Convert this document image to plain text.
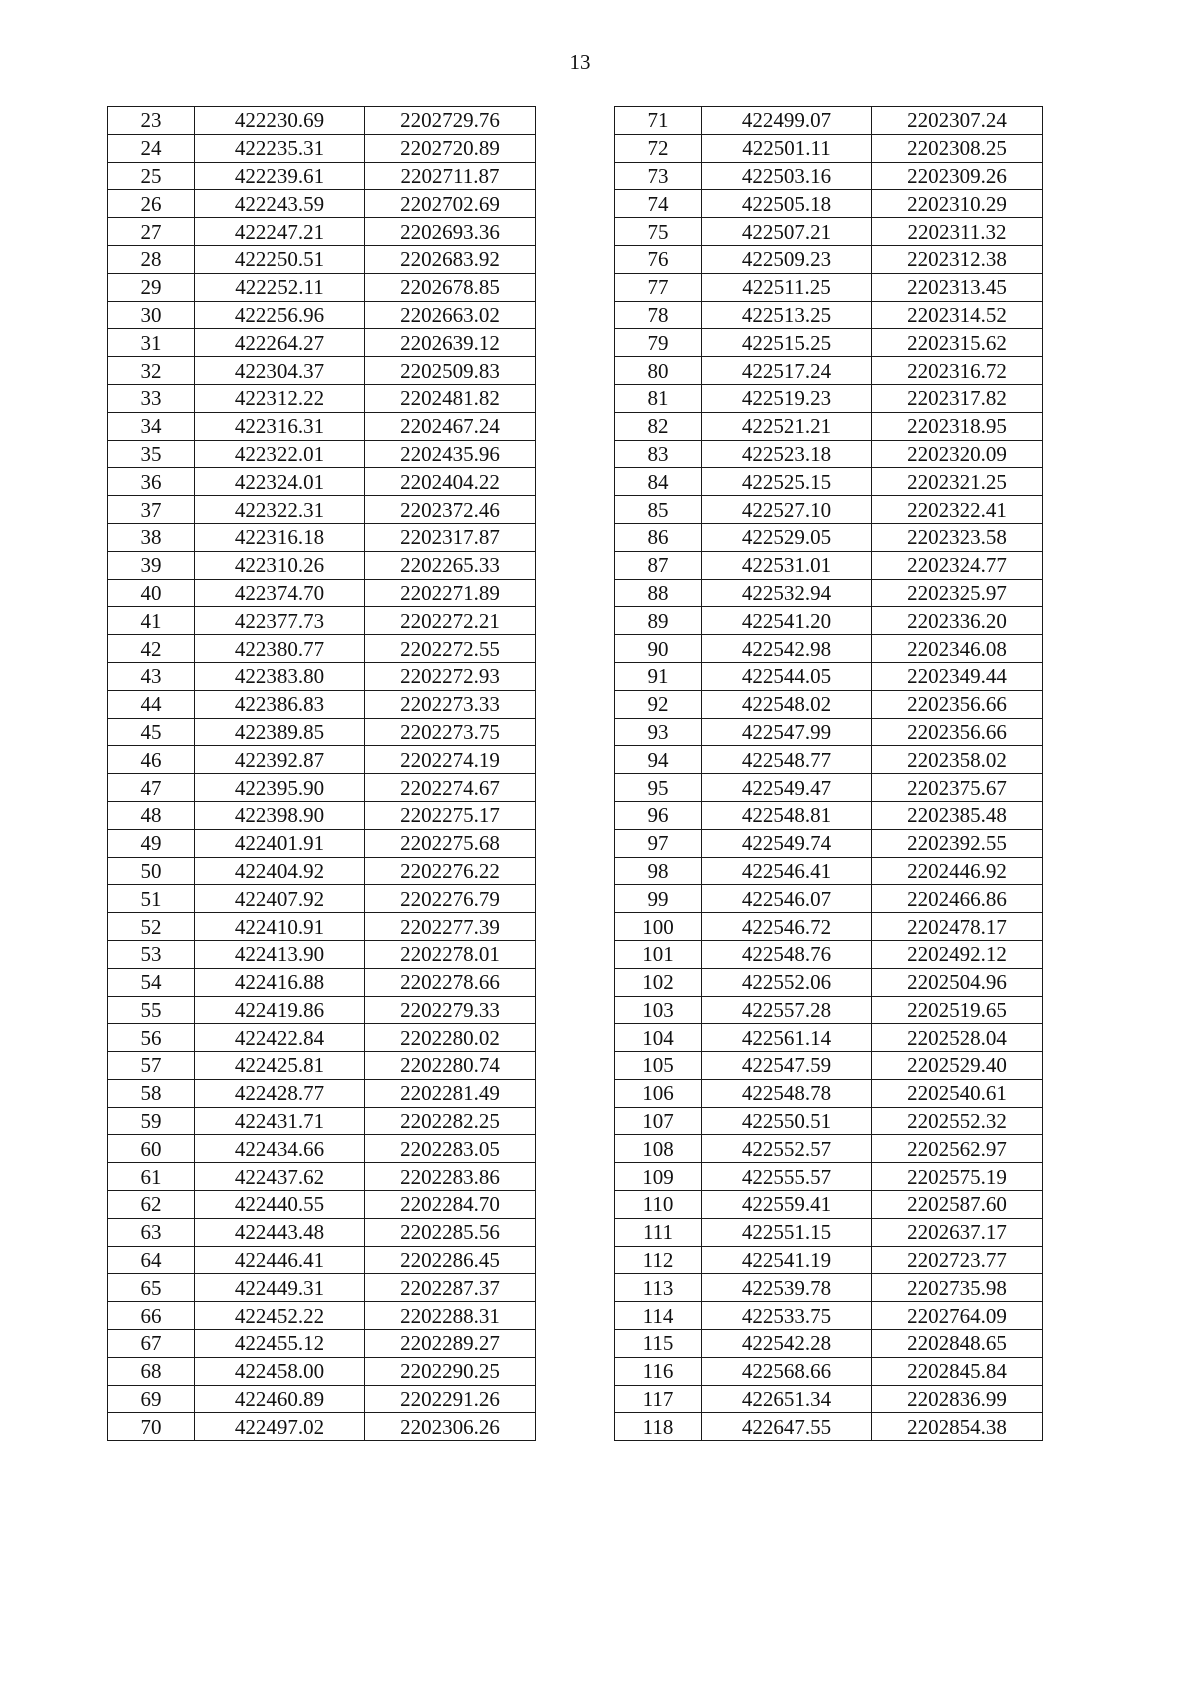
13
23	422230.69	2202729.76
24	422235.31	2202720.89
25	422239.61	2202711.87
26	422243.59	2202702.69
27	422247.21	2202693.36
28	422250.51	2202683.92
29	422252.11	2202678.85
30	422256.96	2202663.02
31	422264.27	2202639.12
32	422304.37	2202509.83
33	422312.22	2202481.82
34	422316.31	2202467.24
35	422322.01	2202435.96
36	422324.01	2202404.22
37	422322.31	2202372.46
38	422316.18	2202317.87
39	422310.26	2202265.33
40	422374.70	2202271.89
41	422377.73	2202272.21
42	422380.77	2202272.55
43	422383.80	2202272.93
44	422386.83	2202273.33
45	422389.85	2202273.75
46	422392.87	2202274.19
47	422395.90	2202274.67
48	422398.90	2202275.17
49	422401.91	2202275.68
50	422404.92	2202276.22
51	422407.92	2202276.79
52	422410.91	2202277.39
53	422413.90	2202278.01
54	422416.88	2202278.66
55	422419.86	2202279.33
56	422422.84	2202280.02
57	422425.81	2202280.74
58	422428.77	2202281.49
59	422431.71	2202282.25
60	422434.66	2202283.05
61	422437.62	2202283.86
62	422440.55	2202284.70
63	422443.48	2202285.56
64	422446.41	2202286.45
65	422449.31	2202287.37
66	422452.22	2202288.31
67	422455.12	2202289.27
68	422458.00	2202290.25
69	422460.89	2202291.26
70	422497.02	2202306.26
71	422499.07	2202307.24
72	422501.11	2202308.25
73	422503.16	2202309.26
74	422505.18	2202310.29
75	422507.21	2202311.32
76	422509.23	2202312.38
77	422511.25	2202313.45
78	422513.25	2202314.52
79	422515.25	2202315.62
80	422517.24	2202316.72
81	422519.23	2202317.82
82	422521.21	2202318.95
83	422523.18	2202320.09
84	422525.15	2202321.25
85	422527.10	2202322.41
86	422529.05	2202323.58
87	422531.01	2202324.77
88	422532.94	2202325.97
89	422541.20	2202336.20
90	422542.98	2202346.08
91	422544.05	2202349.44
92	422548.02	2202356.66
93	422547.99	2202356.66
94	422548.77	2202358.02
95	422549.47	2202375.67
96	422548.81	2202385.48
97	422549.74	2202392.55
98	422546.41	2202446.92
99	422546.07	2202466.86
100	422546.72	2202478.17
101	422548.76	2202492.12
102	422552.06	2202504.96
103	422557.28	2202519.65
104	422561.14	2202528.04
105	422547.59	2202529.40
106	422548.78	2202540.61
107	422550.51	2202552.32
108	422552.57	2202562.97
109	422555.57	2202575.19
110	422559.41	2202587.60
111	422551.15	2202637.17
112	422541.19	2202723.77
113	422539.78	2202735.98
114	422533.75	2202764.09
115	422542.28	2202848.65
116	422568.66	2202845.84
117	422651.34	2202836.99
118	422647.55	2202854.38
